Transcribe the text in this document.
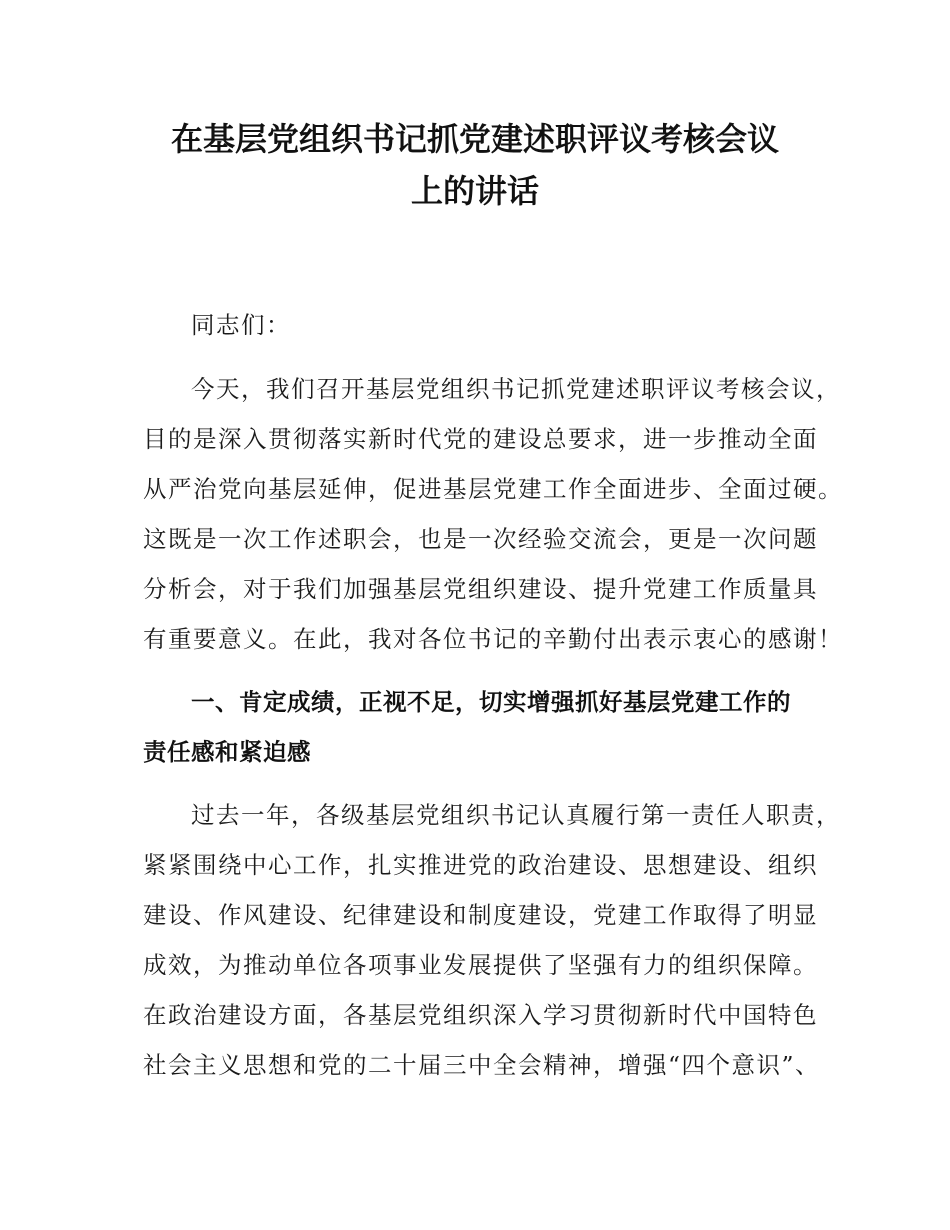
在基层党组织书记抓党建述职评议考核会议
上的讲话
同志们：
今天，我们召开基层党组织书记抓党建述职评议考核会议，
目的是深入贯彻落实新时代党的建设总要求，进一步推动全面
从严治党向基层延伸，促进基层党建工作全面进步、全面过硬。
这既是一次工作述职会，也是一次经验交流会，更是一次问题
分析会，对于我们加强基层党组织建设、提升党建工作质量具
有重要意义。在此，我对各位书记的辛勤付出表示衷心的感谢！
一、肯定成绩，正视不足，切实增强抓好基层党建工作的
责任感和紧迫感
过去一年，各级基层党组织书记认真履行第一责任人职责，
紧紧围绕中心工作，扎实推进党的政治建设、思想建设、组织
建设、作风建设、纪律建设和制度建设，党建工作取得了明显
成效，为推动单位各项事业发展提供了坚强有力的组织保障。
在政治建设方面，各基层党组织深入学习贯彻新时代中国特色
社会主义思想和党的二十届三中全会精神，增强“四个意识”、
